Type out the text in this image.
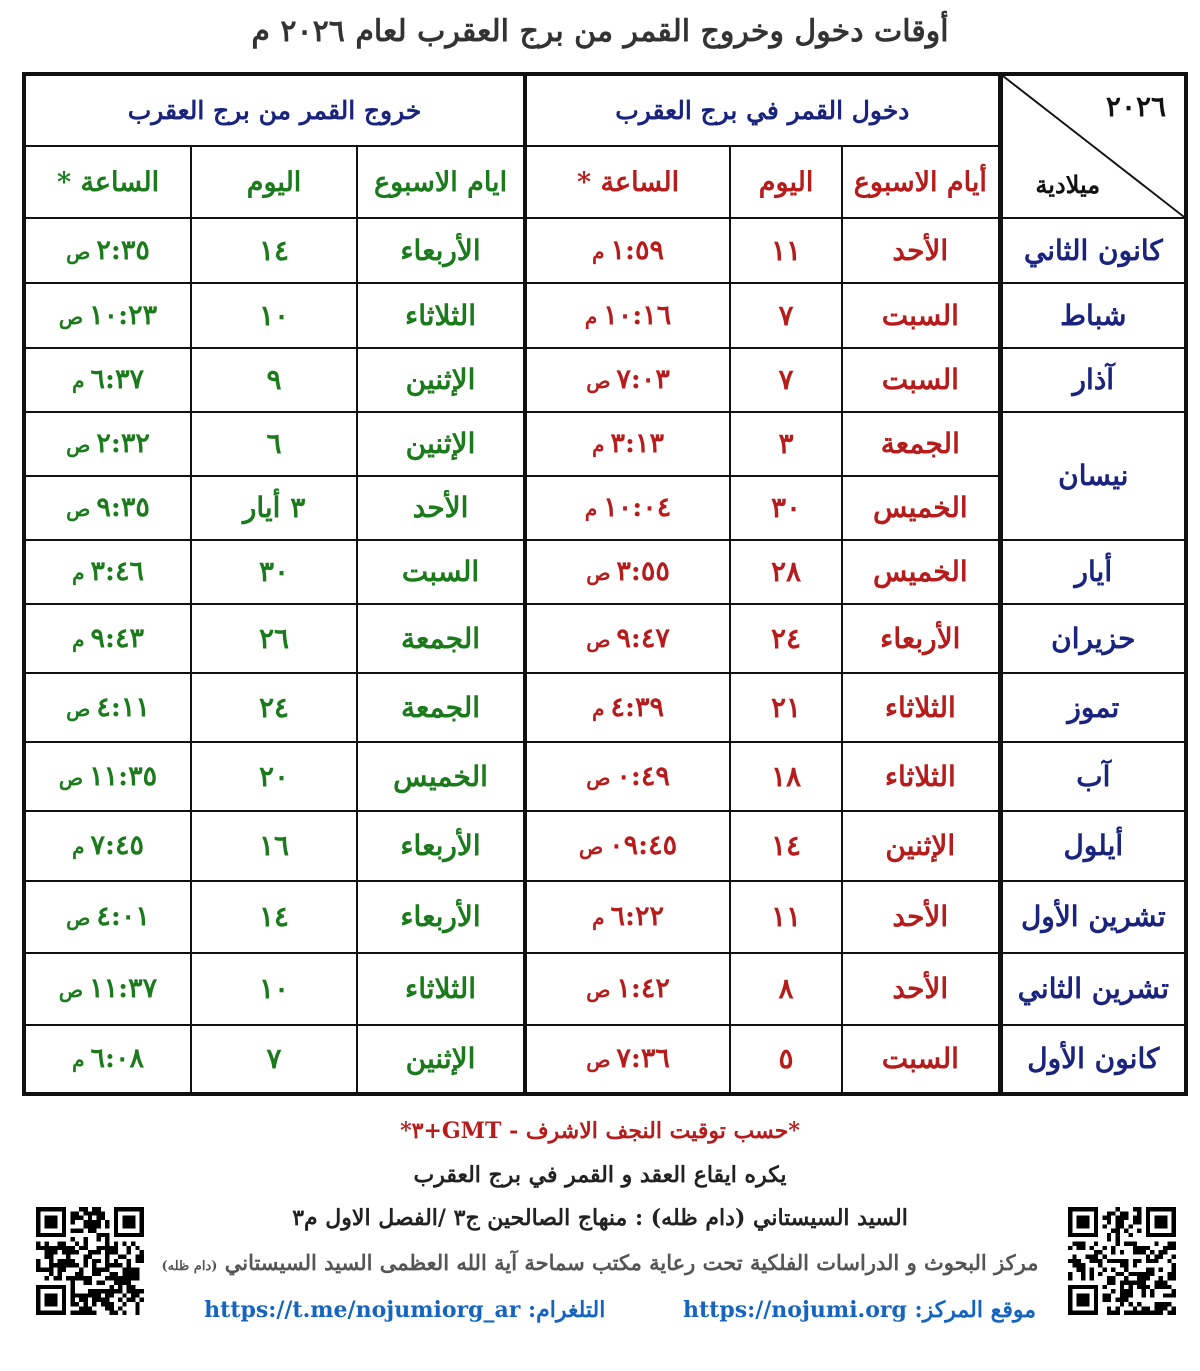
أوقات دخول وخروج القمر من برج العقرب لعام ٢٠٢٦ م
٢٠٢٦
ميلادية	دخول القمر في برج العقرب			خروج القمر من برج العقرب		
	أيام الاسبوع	اليوم	الساعة *	ايام الاسبوع	اليوم	الساعة *
كانون الثاني	الأحد	١١	١:٥٩م	الأربعاء	١٤	٢:٣٥ص
شباط	السبت	٧	١٠:١٦م	الثلاثاء	١٠	١٠:٢٣ص
آذار	السبت	٧	٧:٠٣ص	الإثنين	٩	٦:٣٧م
نيسان	الجمعة	٣	٣:١٣م	الإثنين	٦	٢:٣٢ص
	الخميس	٣٠	١٠:٠٤م	الأحد	٣ أيار	٩:٣٥ص
أيار	الخميس	٢٨	٣:٥٥ص	السبت	٣٠	٣:٤٦م
حزيران	الأربعاء	٢٤	٩:٤٧ص	الجمعة	٢٦	٩:٤٣م
تموز	الثلاثاء	٢١	٤:٣٩م	الجمعة	٢٤	٤:١١ص
آب	الثلاثاء	١٨	٠:٤٩ص	الخميس	٢٠	١١:٣٥ص
أيلول	الإثنين	١٤	٠٩:٤٥ص	الأربعاء	١٦	٧:٤٥م
تشرين الأول	الأحد	١١	٦:٢٢م	الأربعاء	١٤	٤:٠١ص
تشرين الثاني	الأحد	٨	١:٤٢ص	الثلاثاء	١٠	١١:٣٧ص
كانون الأول	السبت	٥	٧:٣٦ص	الإثنين	٧	٦:٠٨م
*حسب توقيت النجف الاشرف - GMT+٣*
يكره ايقاع العقد و القمر في برج العقرب
السيد السيستاني (دام ظله) : منهاج الصالحين ج٣ /الفصل الاول م٣
مركز البحوث و الدراسات الفلكية تحت رعاية مكتب سماحة آية الله العظمى السيد السيستاني (دام ظله)
موقع المركز: https://nojumi.org التلغرام: https://t.me/nojumiorg_ar
